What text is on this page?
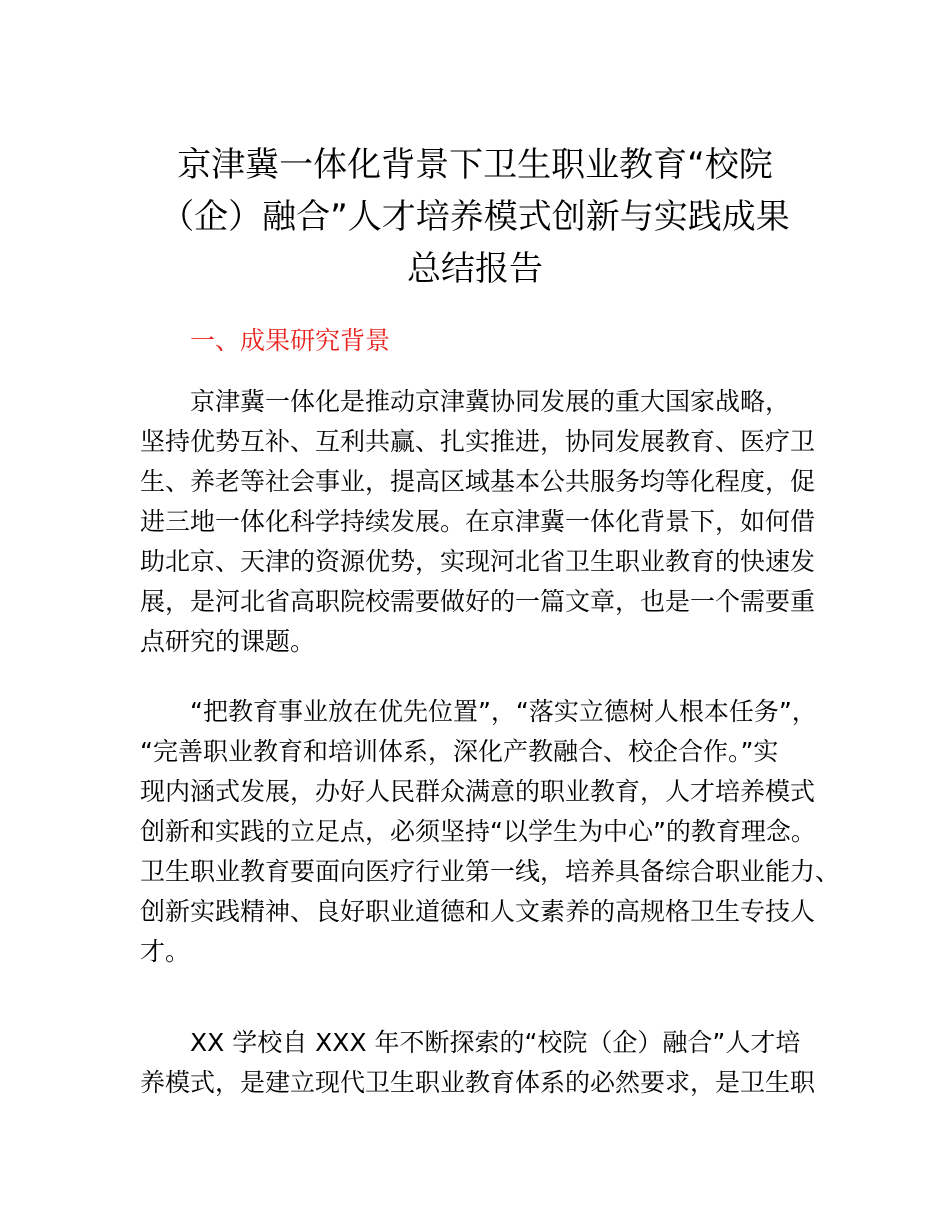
京津冀一体化背景下卫生职业教育“校院
（企）融合”人才培养模式创新与实践成果
总结报告
一、成果研究背景

京津冀一体化是推动京津冀协同发展的重大国家战略，

坚持优势互补、互利共赢、扎实推进，协同发展教育、医疗卫

生、养老等社会事业，提高区域基本公共服务均等化程度，促

进三地一体化科学持续发展。在京津冀一体化背景下，如何借

助北京、天津的资源优势，实现河北省卫生职业教育的快速发

展，是河北省高职院校需要做好的一篇文章，也是一个需要重

点研究的课题。

“把教育事业放在优先位置”，“落实立德树人根本任务”，

“完善职业教育和培训体系，深化产教融合、校企合作。”实

现内涵式发展，办好人民群众满意的职业教育，人才培养模式

创新和实践的立足点，必须坚持“以学生为中心”的教育理念。

卫生职业教育要面向医疗行业第一线，培养具备综合职业能力、

创新实践精神、良好职业道德和人文素养的高规格卫生专技人

才。

XX 学校自 XXX 年不断探索的“校院（企）融合”人才培

养模式，是建立现代卫生职业教育体系的必然要求，是卫生职
